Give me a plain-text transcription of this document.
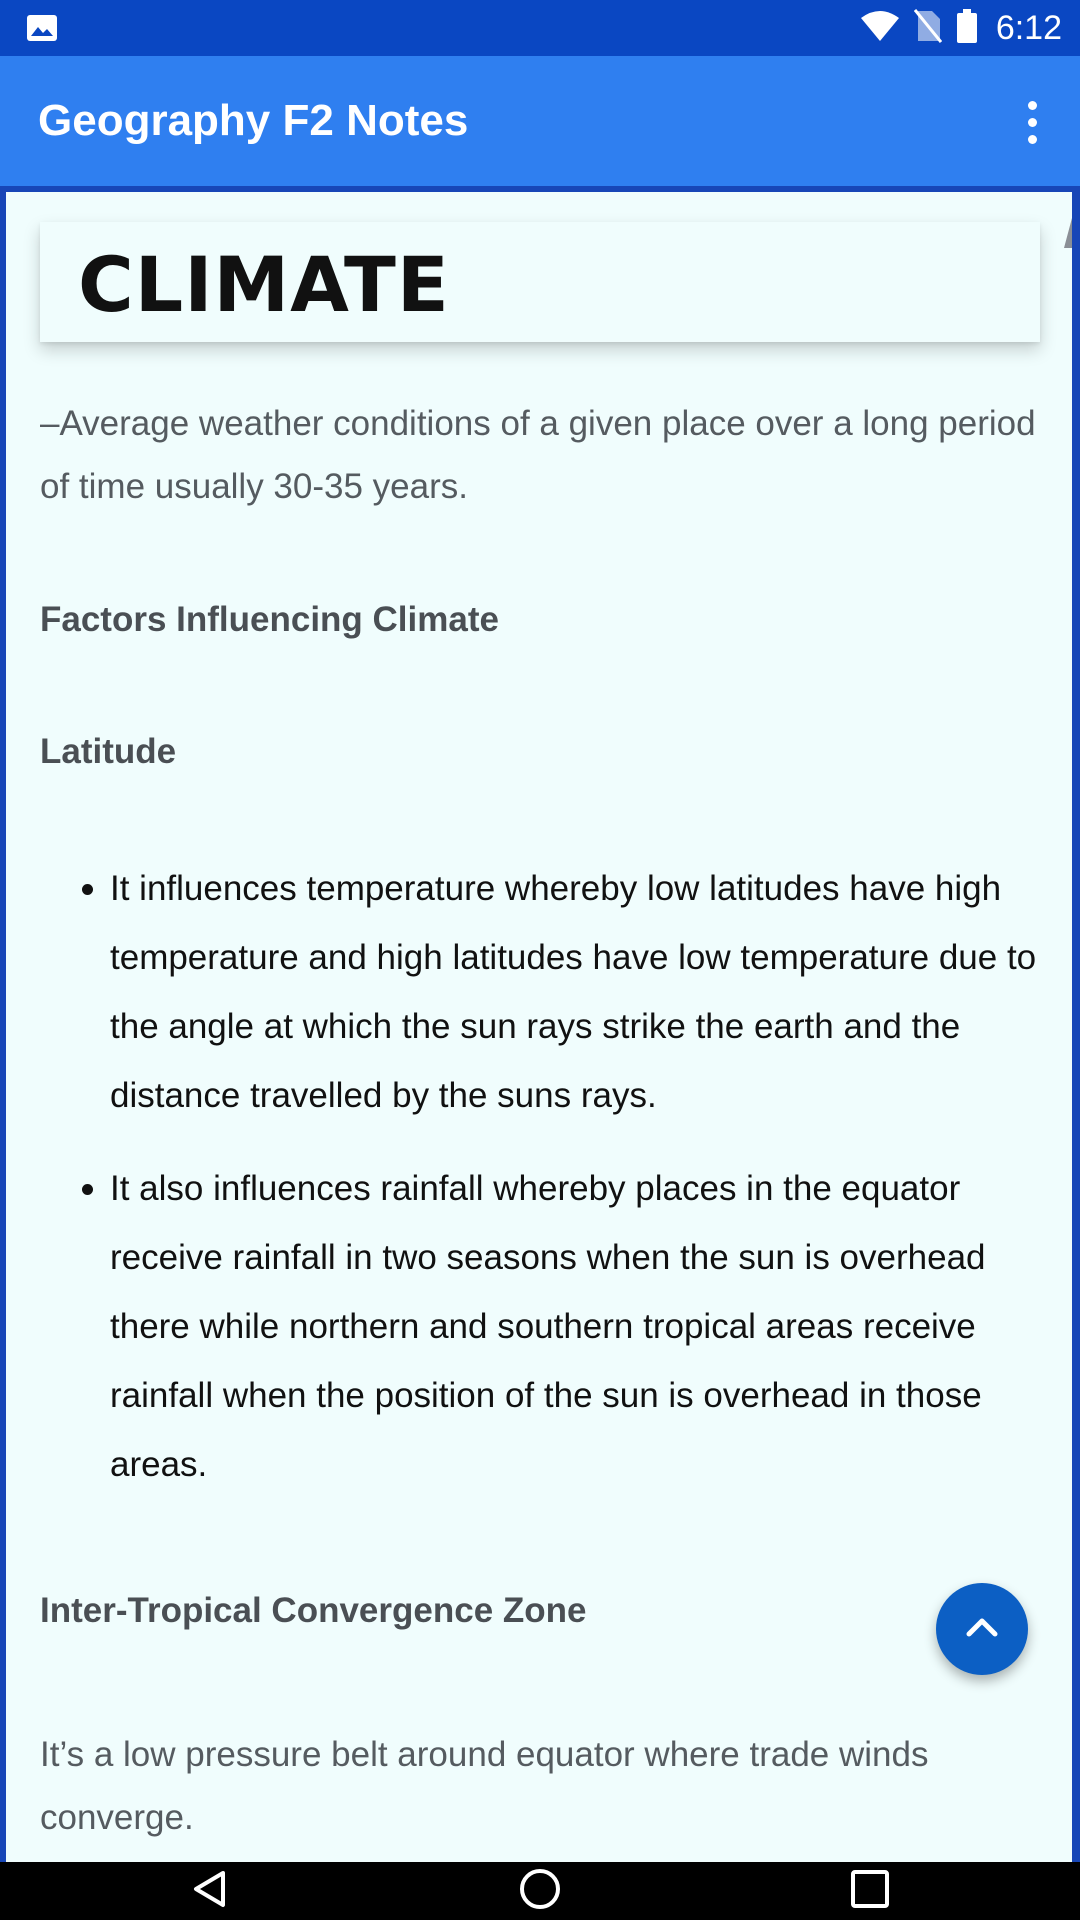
6:12
Geography F2 Notes
CLIMATE

–Average weather conditions of a given place over a long period of time usually 30-35 years.

Factors Influencing Climate

Latitude

It influences temperature whereby low latitudes have high temperature and high latitudes have low temperature due to the angle at which the sun rays strike the earth and the distance travelled by the suns rays.
It also influences rainfall whereby places in the equator receive rainfall in two seasons when the sun is overhead there while northern and southern tropical areas receive rainfall when the position of the sun is overhead in those areas.

Inter-Tropical Convergence Zone

It’s a low pressure belt around equator where trade winds converge.
